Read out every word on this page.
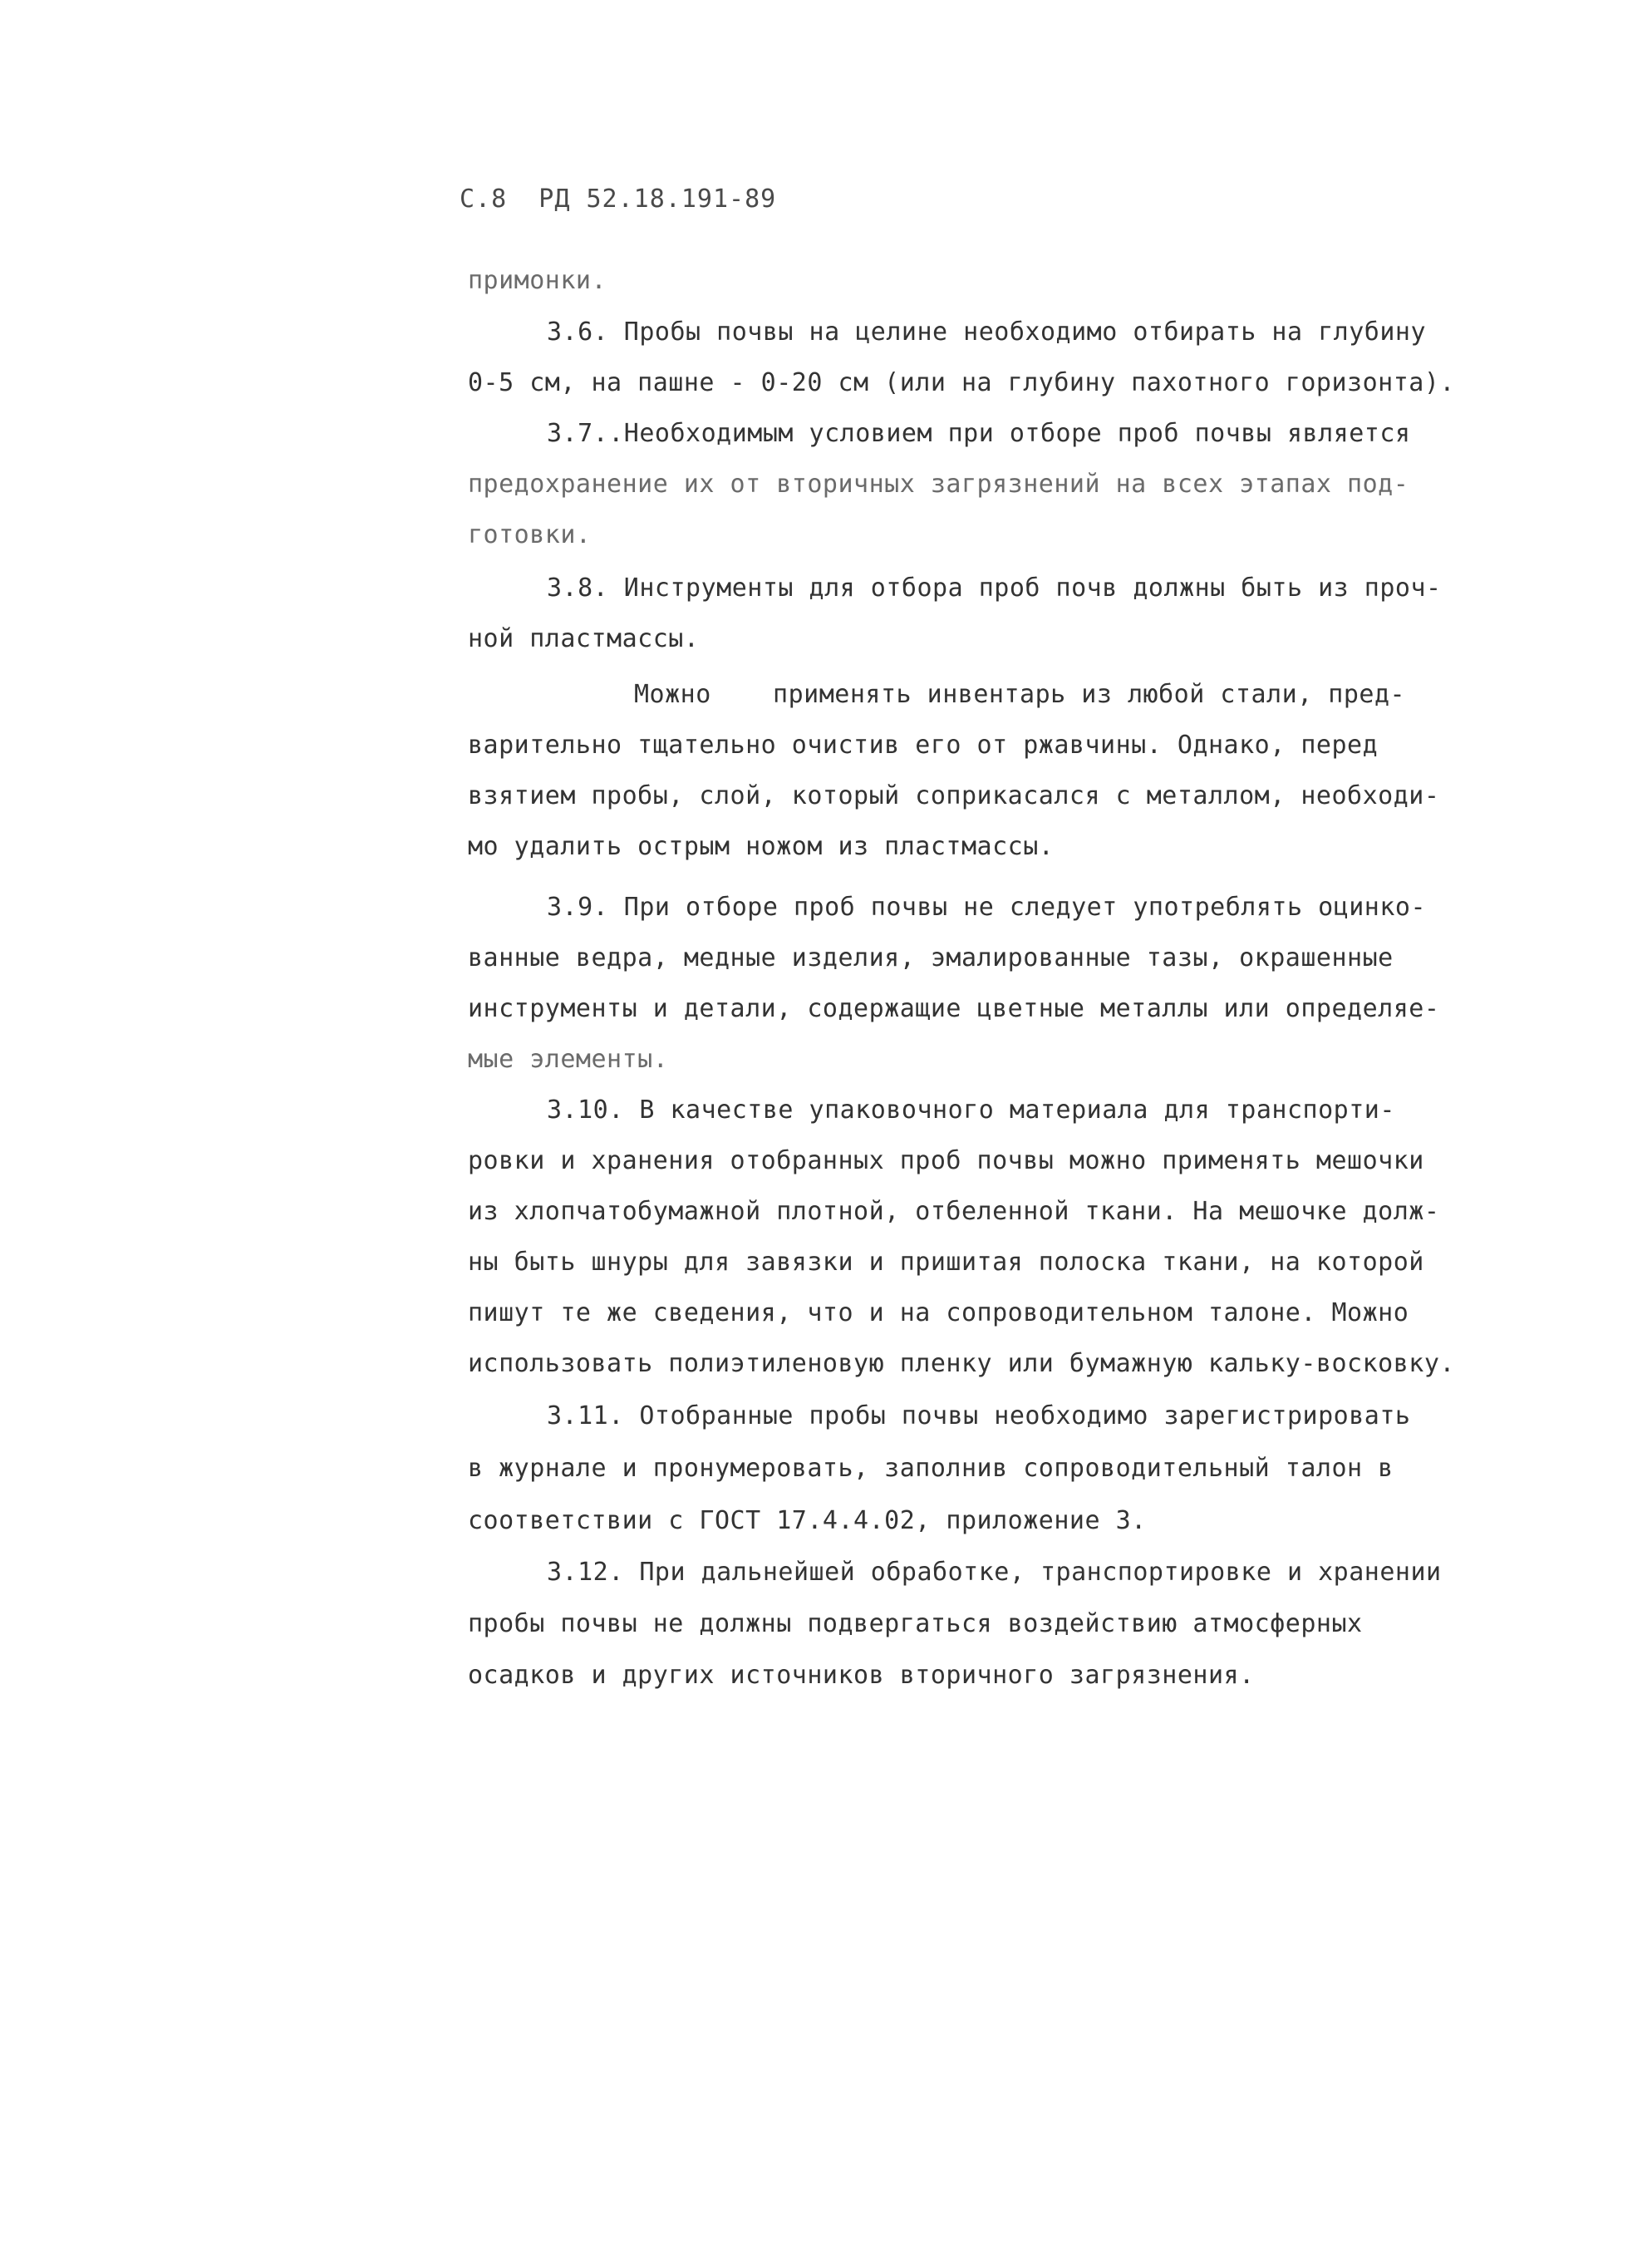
С.8  РД 52.18.191-89
примонки.
3.6. Пробы почвы на целине необходимо отбирать на глубину
0-5 см, на пашне - 0-20 см (или на глубину пахотного горизонта).
3.7..Необходимым условием при отборе проб почвы является
предохранение их от вторичных загрязнений на всех этапах под-
готовки.
3.8. Инструменты для отбора проб почв должны быть из проч-
ной пластмассы.
Можно    применять инвентарь из любой стали, пред-
варительно тщательно очистив его от ржавчины. Однако, перед
взятием пробы, слой, который соприкасался с металлом, необходи-
мо удалить острым ножом из пластмассы.
3.9. При отборе проб почвы не следует употреблять оцинко-
ванные ведра, медные изделия, эмалированные тазы, окрашенные
инструменты и детали, содержащие цветные металлы или определяе-
мые элементы.
3.10. В качестве упаковочного материала для транспорти-
ровки и хранения отобранных проб почвы можно применять мешочки
из хлопчатобумажной плотной, отбеленной ткани. На мешочке долж-
ны быть шнуры для завязки и пришитая полоска ткани, на которой
пишут те же сведения, что и на сопроводительном талоне. Можно
использовать полиэтиленовую пленку или бумажную кальку-восковку.
3.11. Отобранные пробы почвы необходимо зарегистрировать
в журнале и пронумеровать, заполнив сопроводительный талон в
соответствии с ГОСТ 17.4.4.02, приложение 3.
3.12. При дальнейшей обработке, транспортировке и хранении
пробы почвы не должны подвергаться воздействию атмосферных
осадков и других источников вторичного загрязнения.
